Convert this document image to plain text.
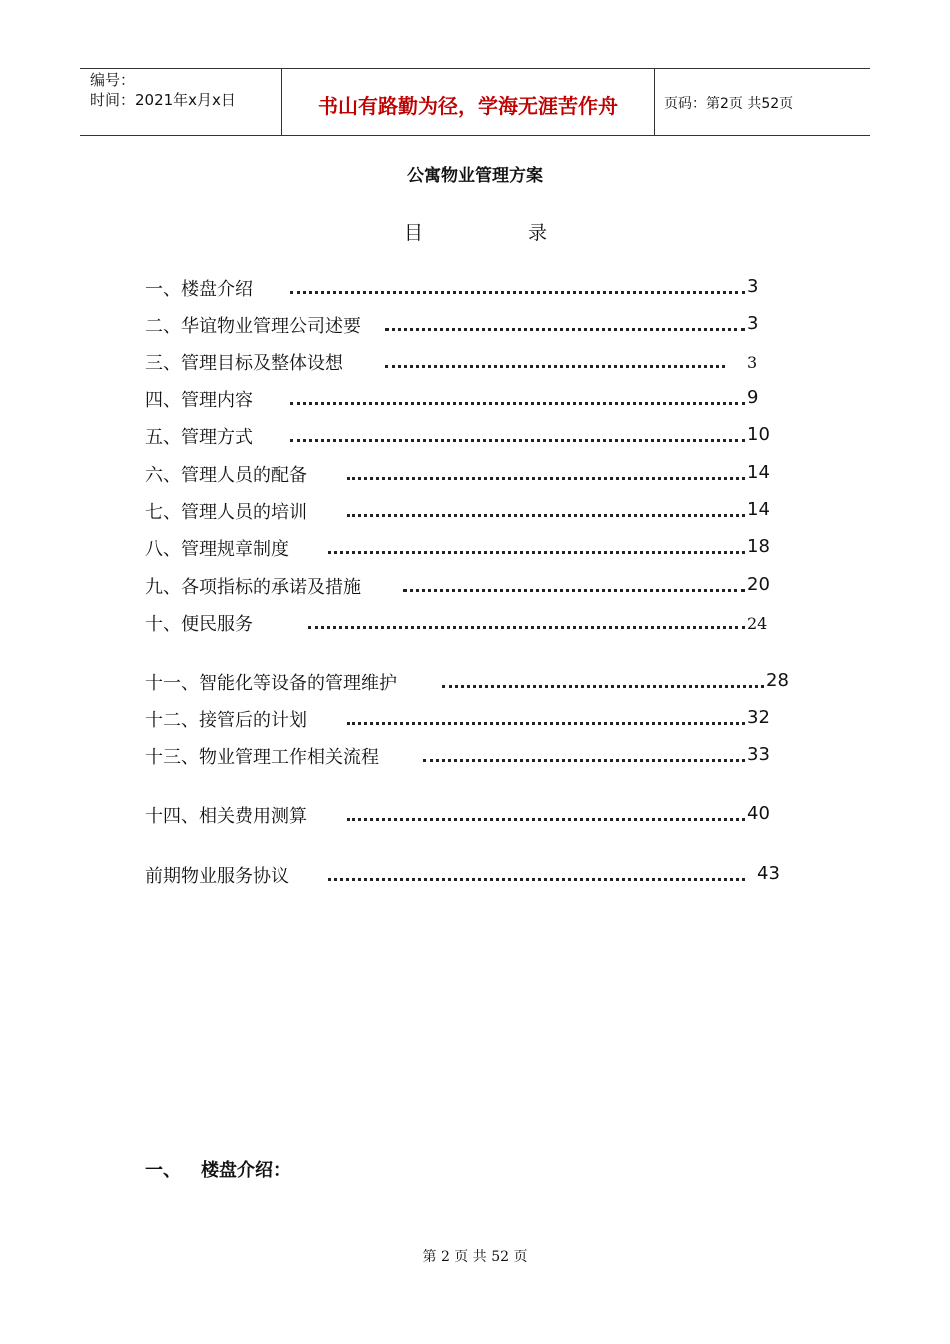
编号：
时间：2021年x月x日	书山有路勤为径，学海无涯苦作舟	页码：第2页 共52页
公寓物业管理方案
目	录
一、楼盘介绍	3
二、华谊物业管理公司述要	3
三、管理目标及整体设想	3
四、管理内容	9
五、管理方式	10
六、管理人员的配备	14
七、管理人员的培训	14
八、管理规章制度	18
九、各项指标的承诺及措施	20
十、便民服务	24
十一、智能化等设备的管理维护	28
十二、接管后的计划	32
十三、物业管理工作相关流程	33
十四、相关费用测算	40
前期物业服务协议	43
一、 楼盘介绍：
第 2 页 共 52 页
